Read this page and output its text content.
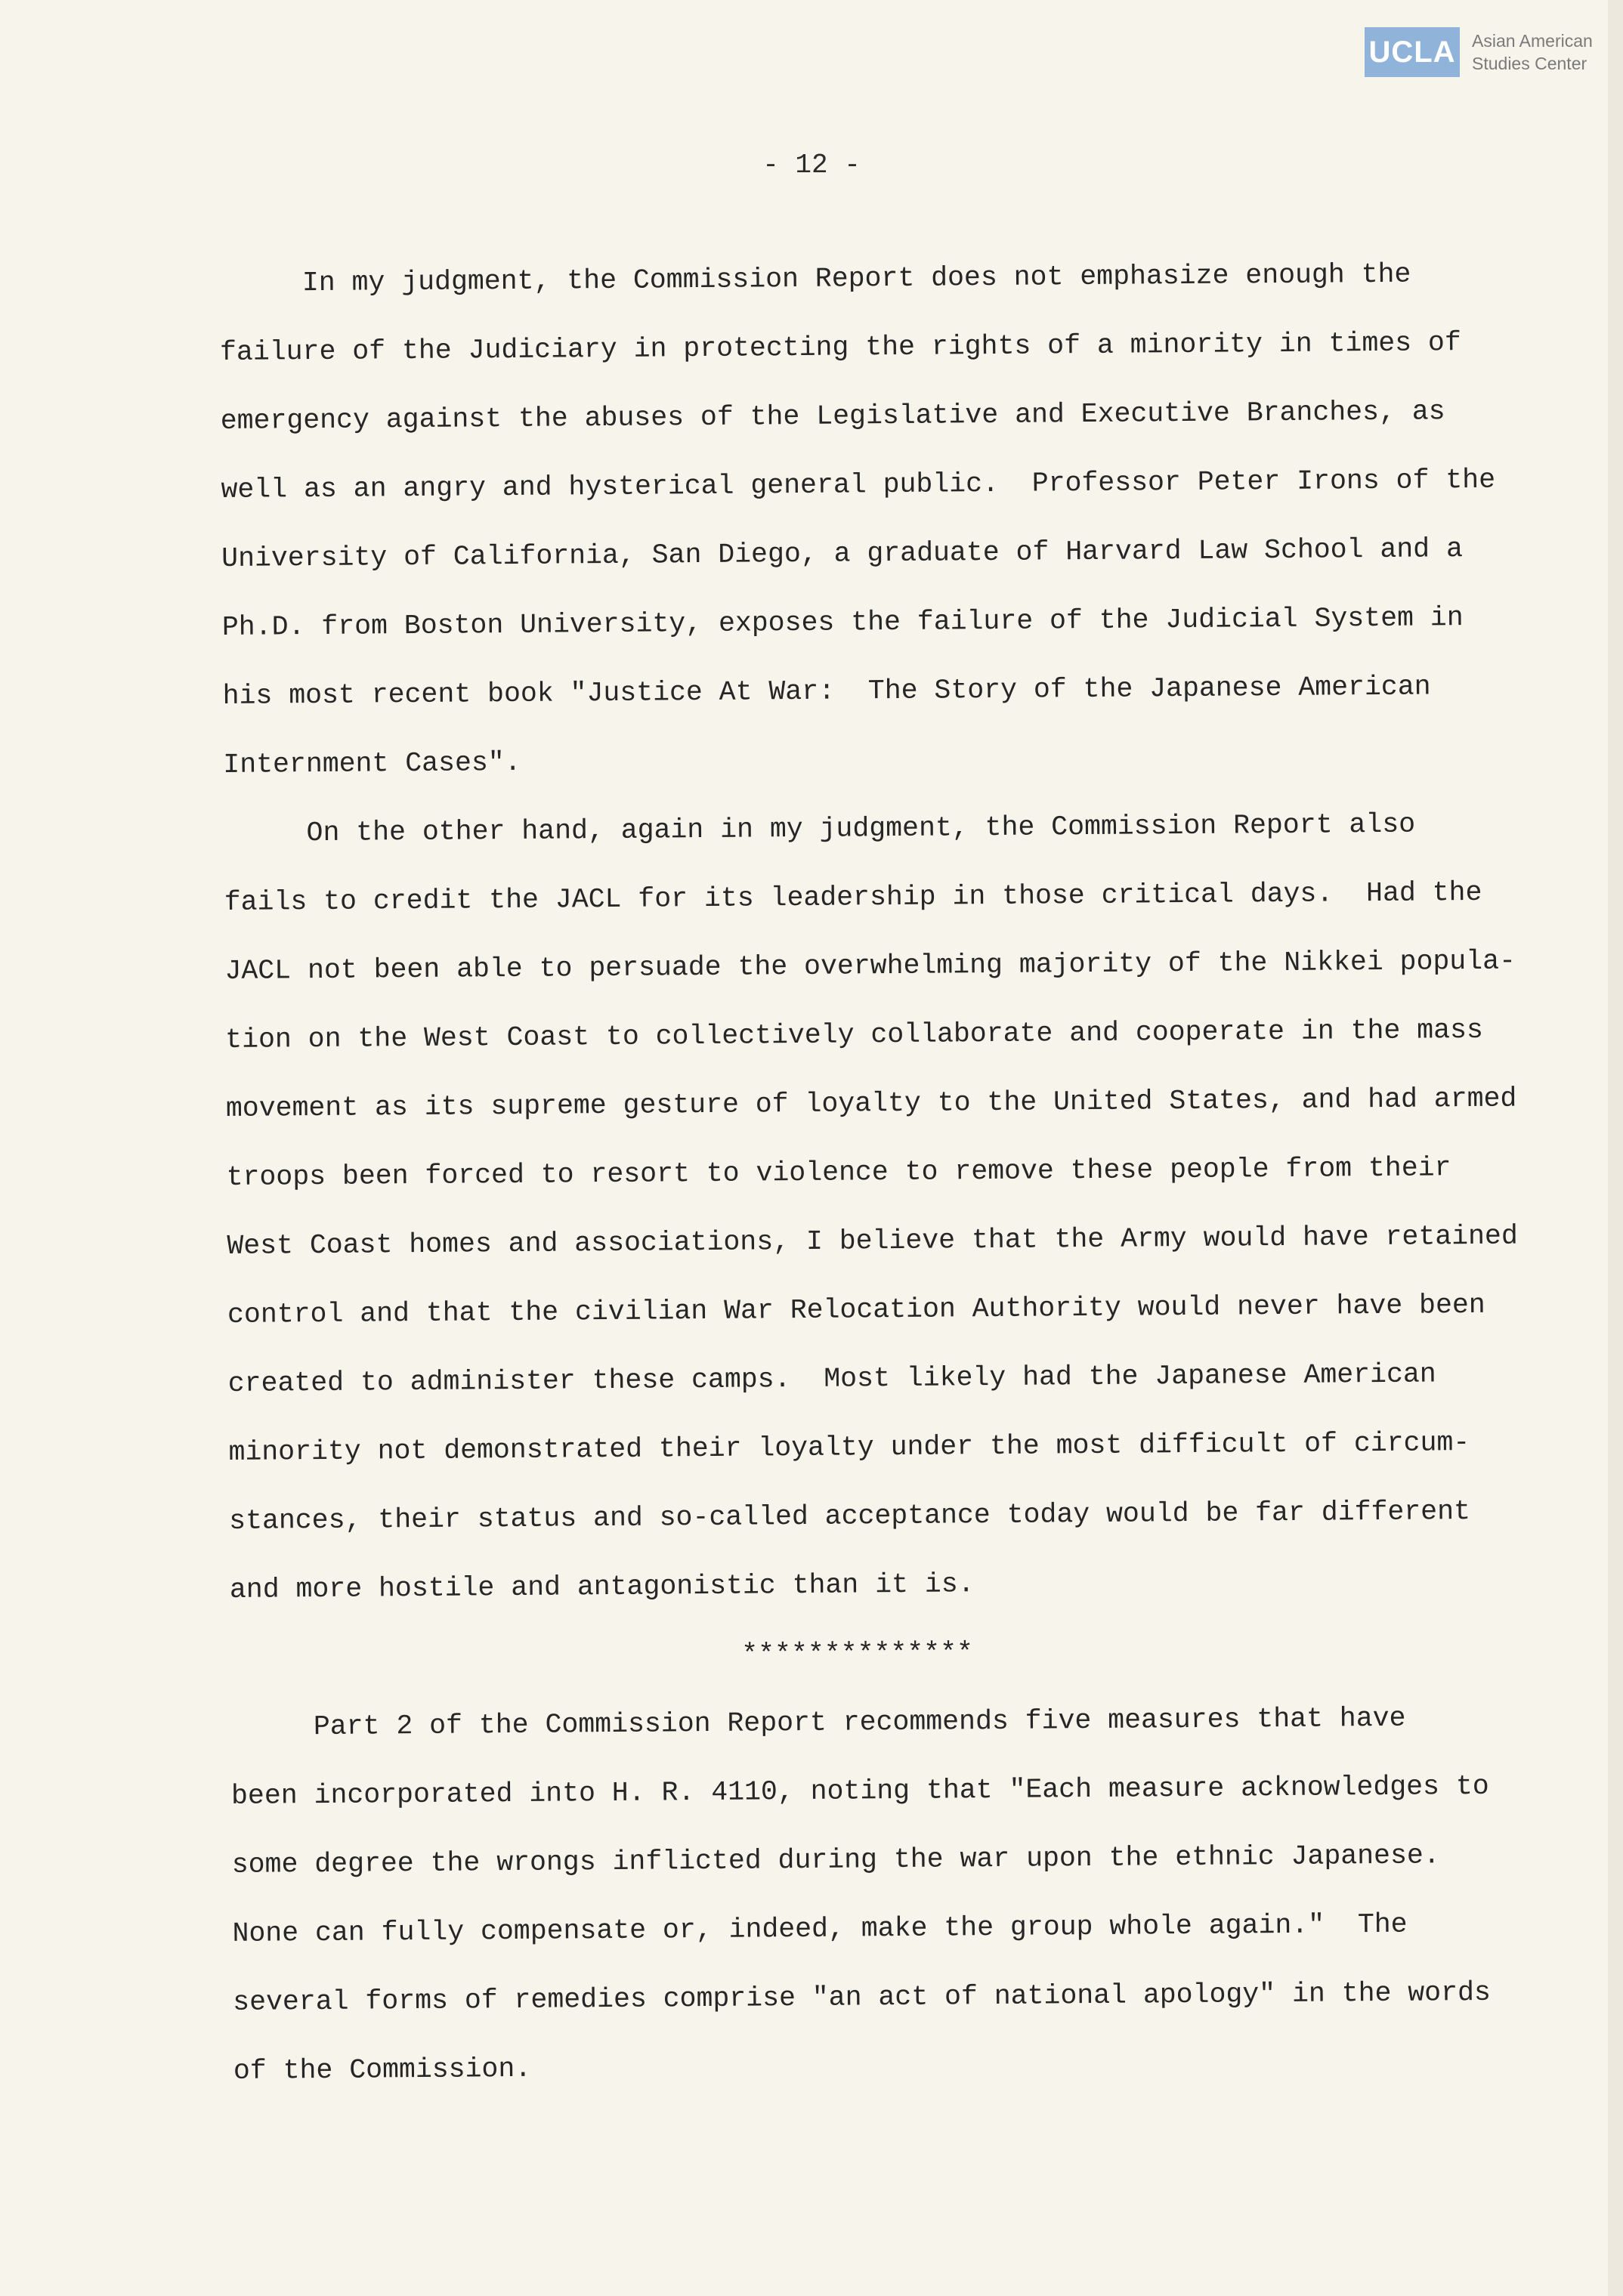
UCLA Asian American
Studies Center
- 12 -
In my judgment, the Commission Report does not emphasize enough the
failure of the Judiciary in protecting the rights of a minority in times of
emergency against the abuses of the Legislative and Executive Branches, as
well as an angry and hysterical general public.  Professor Peter Irons of the
University of California, San Diego, a graduate of Harvard Law School and a
Ph.D. from Boston University, exposes the failure of the Judicial System in
his most recent book "Justice At War:  The Story of the Japanese American
Internment Cases".
On the other hand, again in my judgment, the Commission Report also
fails to credit the JACL for its leadership in those critical days.  Had the
JACL not been able to persuade the overwhelming majority of the Nikkei popula-
tion on the West Coast to collectively collaborate and cooperate in the mass
movement as its supreme gesture of loyalty to the United States, and had armed
troops been forced to resort to violence to remove these people from their
West Coast homes and associations, I believe that the Army would have retained
control and that the civilian War Relocation Authority would never have been
created to administer these camps.  Most likely had the Japanese American
minority not demonstrated their loyalty under the most difficult of circum-
stances, their status and so-called acceptance today would be far different
and more hostile and antagonistic than it is.
**************
Part 2 of the Commission Report recommends five measures that have
been incorporated into H. R. 4110, noting that "Each measure acknowledges to
some degree the wrongs inflicted during the war upon the ethnic Japanese.
None can fully compensate or, indeed, make the group whole again."  The
several forms of remedies comprise "an act of national apology" in the words
of the Commission.
